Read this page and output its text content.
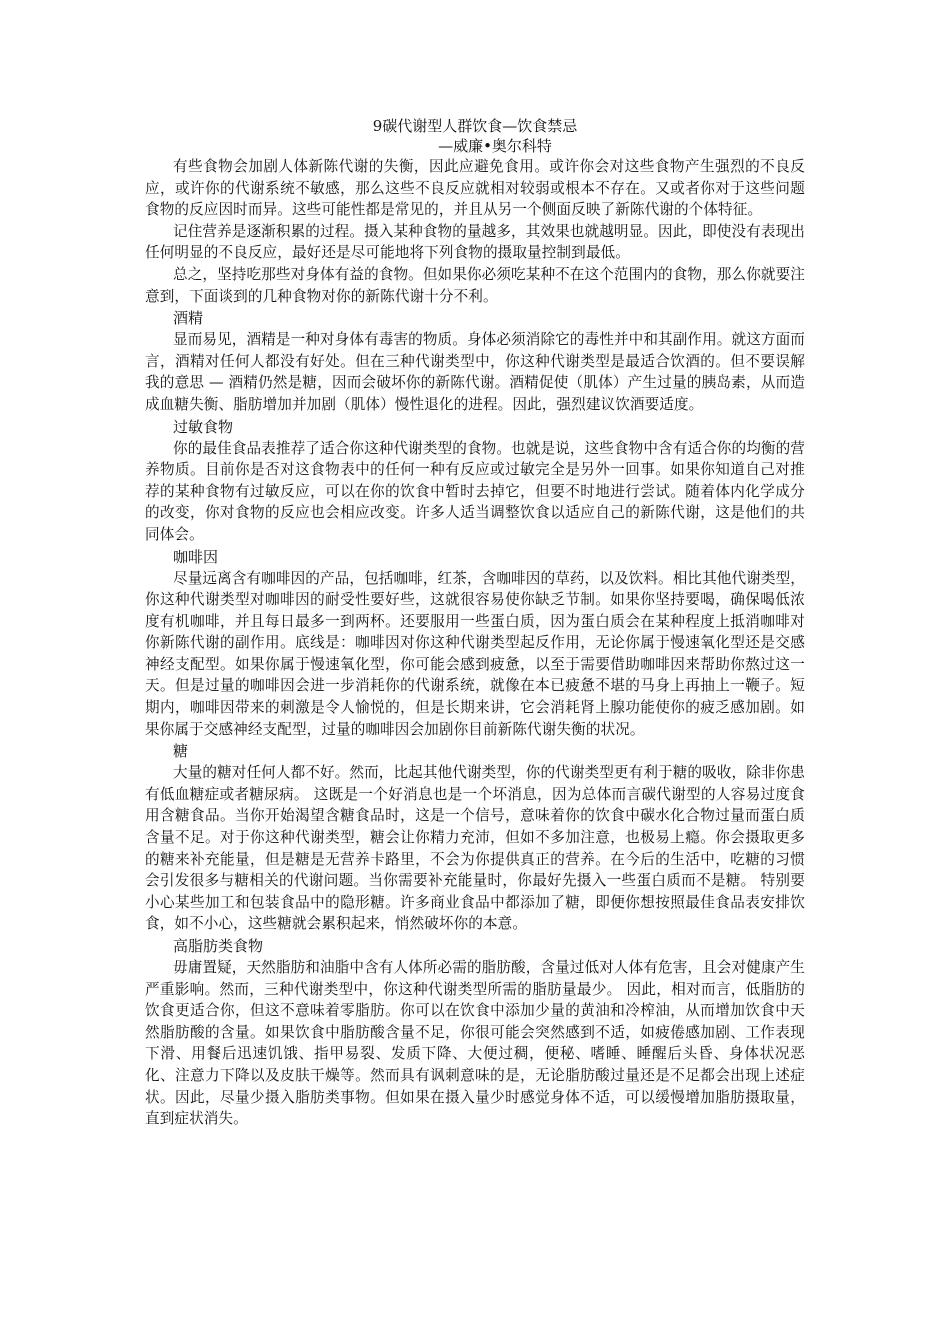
9碳代谢型人群饮食—饮食禁忌

—威廉•奥尔科特

有些食物会加剧人体新陈代谢的失衡，因此应避免食用。或许你会对这些食物产生强烈的不良反应，或许你的代谢系统不敏感，那么这些不良反应就相对较弱或根本不存在。又或者你对于这些问题食物的反应因时而异。这些可能性都是常见的，并且从另一个侧面反映了新陈代谢的个体特征。

记住营养是逐渐积累的过程。摄入某种食物的量越多，其效果也就越明显。因此，即使没有表现出任何明显的不良反应，最好还是尽可能地将下列食物的摄取量控制到最低。

总之，坚持吃那些对身体有益的食物。但如果你必须吃某种不在这个范围内的食物，那么你就要注意到，下面谈到的几种食物对你的新陈代谢十分不利。

酒精

显而易见，酒精是一种对身体有毒害的物质。身体必须消除它的毒性并中和其副作用。就这方面而言，酒精对任何人都没有好处。但在三种代谢类型中，你这种代谢类型是最适合饮酒的。但不要误解我的意思 — 酒精仍然是糖，因而会破坏你的新陈代谢。酒精促使（肌体）产生过量的胰岛素，从而造成血糖失衡、脂肪增加并加剧（肌体）慢性退化的进程。因此，强烈建议饮酒要适度。

过敏食物

你的最佳食品表推荐了适合你这种代谢类型的食物。也就是说，这些食物中含有适合你的均衡的营养物质。目前你是否对这食物表中的任何一种有反应或过敏完全是另外一回事。如果你知道自己对推荐的某种食物有过敏反应，可以在你的饮食中暂时去掉它，但要不时地进行尝试。随着体内化学成分的改变，你对食物的反应也会相应改变。许多人适当调整饮食以适应自己的新陈代谢，这是他们的共同体会。

咖啡因

尽量远离含有咖啡因的产品，包括咖啡，红茶，含咖啡因的草药，以及饮料。相比其他代谢类型，你这种代谢类型对咖啡因的耐受性要好些，这就很容易使你缺乏节制。如果你坚持要喝，确保喝低浓度有机咖啡，并且每日最多一到两杯。还要服用一些蛋白质，因为蛋白质会在某种程度上抵消咖啡对你新陈代谢的副作用。底线是：咖啡因对你这种代谢类型起反作用，无论你属于慢速氧化型还是交感神经支配型。如果你属于慢速氧化型，你可能会感到疲惫，以至于需要借助咖啡因来帮助你熬过这一天。但是过量的咖啡因会进一步消耗你的代谢系统，就像在本已疲惫不堪的马身上再抽上一鞭子。短期内，咖啡因带来的刺激是令人愉悦的，但是长期来讲，它会消耗肾上腺功能使你的疲乏感加剧。如果你属于交感神经支配型，过量的咖啡因会加剧你目前新陈代谢失衡的状况。

糖

大量的糖对任何人都不好。然而，比起其他代谢类型，你的代谢类型更有利于糖的吸收，除非你患有低血糖症或者糖尿病。 这既是一个好消息也是一个坏消息，因为总体而言碳代谢型的人容易过度食用含糖食品。当你开始渴望含糖食品时，这是一个信号，意味着你的饮食中碳水化合物过量而蛋白质含量不足。对于你这种代谢类型，糖会让你精力充沛，但如不多加注意，也极易上瘾。你会摄取更多的糖来补充能量，但是糖是无营养卡路里，不会为你提供真正的营养。在今后的生活中，吃糖的习惯会引发很多与糖相关的代谢问题。当你需要补充能量时，你最好先摄入一些蛋白质而不是糖。 特别要小心某些加工和包装食品中的隐形糖。许多商业食品中都添加了糖，即便你想按照最佳食品表安排饮食，如不小心，这些糖就会累积起来，悄然破坏你的本意。

高脂肪类食物

毋庸置疑，天然脂肪和油脂中含有人体所必需的脂肪酸，含量过低对人体有危害，且会对健康产生严重影响。然而，三种代谢类型中，你这种代谢类型所需的脂肪量最少。 因此，相对而言，低脂肪的饮食更适合你，但这不意味着零脂肪。你可以在饮食中添加少量的黄油和冷榨油，从而增加饮食中天然脂肪酸的含量。如果饮食中脂肪酸含量不足，你很可能会突然感到不适，如疲倦感加剧、工作表现下滑、用餐后迅速饥饿、指甲易裂、发质下降、大便过稠，便秘、嗜睡、睡醒后头昏、身体状况恶化、注意力下降以及皮肤干燥等。然而具有讽刺意味的是，无论脂肪酸过量还是不足都会出现上述症状。因此，尽量少摄入脂肪类事物。但如果在摄入量少时感觉身体不适，可以缓慢增加脂肪摄取量，直到症状消失。
